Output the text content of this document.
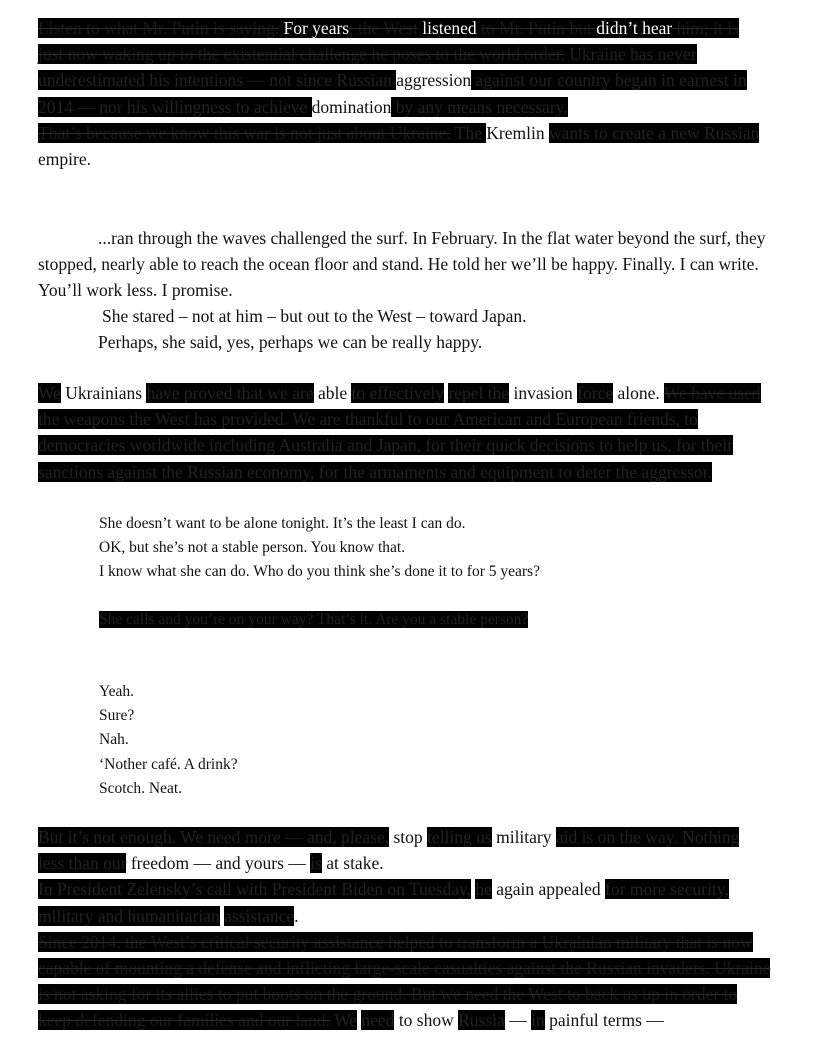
Listen to what Mr. Putin is saying. For years, the West listened to Mr. Putin but didn’t hear him; it is
just now waking up to the existential challenge he poses to the world order. Ukraine has never
underestimated his intentions — not since Russian aggression against our country began in earnest in
2014 — nor his willingness to achieve domination by any means necessary.
That’s because we know this war is not just about Ukraine. The Kremlin wants to create a new Russian
empire.
...ran through the waves challenged the surf. In February. In the flat water beyond the surf, they
stopped, nearly able to reach the ocean floor and stand. He told her we’ll be happy. Finally. I can write.
You’ll work less. I promise.
She stared – not at him – but out to the West – toward Japan.
Perhaps, she said, yes, perhaps we can be really happy.
We Ukrainians have proved that we are able to effectively repel the invasion force alone. We have used
the weapons the West has provided. We are thankful to our American and European friends, to
democracies worldwide including Australia and Japan, for their quick decisions to help us, for their
sanctions against the Russian economy, for the armaments and equipment to deter the aggressor.
She doesn’t want to be alone tonight. It’s the least I can do.
OK, but she’s not a stable person. You know that.
I know what she can do. Who do you think she’s done it to for 5 years?
She calls and you’re on your way? That’s it. Are you a stable person?
Yeah.
Sure?
Nah.
‘Nother café. A drink?
Scotch. Neat.
But it’s not enough. We need more — and, please, stop telling us military aid is on the way. Nothing
less than our freedom — and yours — is at stake.
In President Zelensky’s call with President Biden on Tuesday, he again appealed for more security,
military and humanitarian assistance.
Since 2014, the West’s critical security assistance helped to transform a Ukrainian military that is now
capable of mounting a defense and inflicting large-scale casualties against the Russian invaders. Ukraine
is not asking for its allies to put boots on the ground. But we need the West to back us up in order to
keep defending our families and our land. We need to show Russia — in painful terms —
